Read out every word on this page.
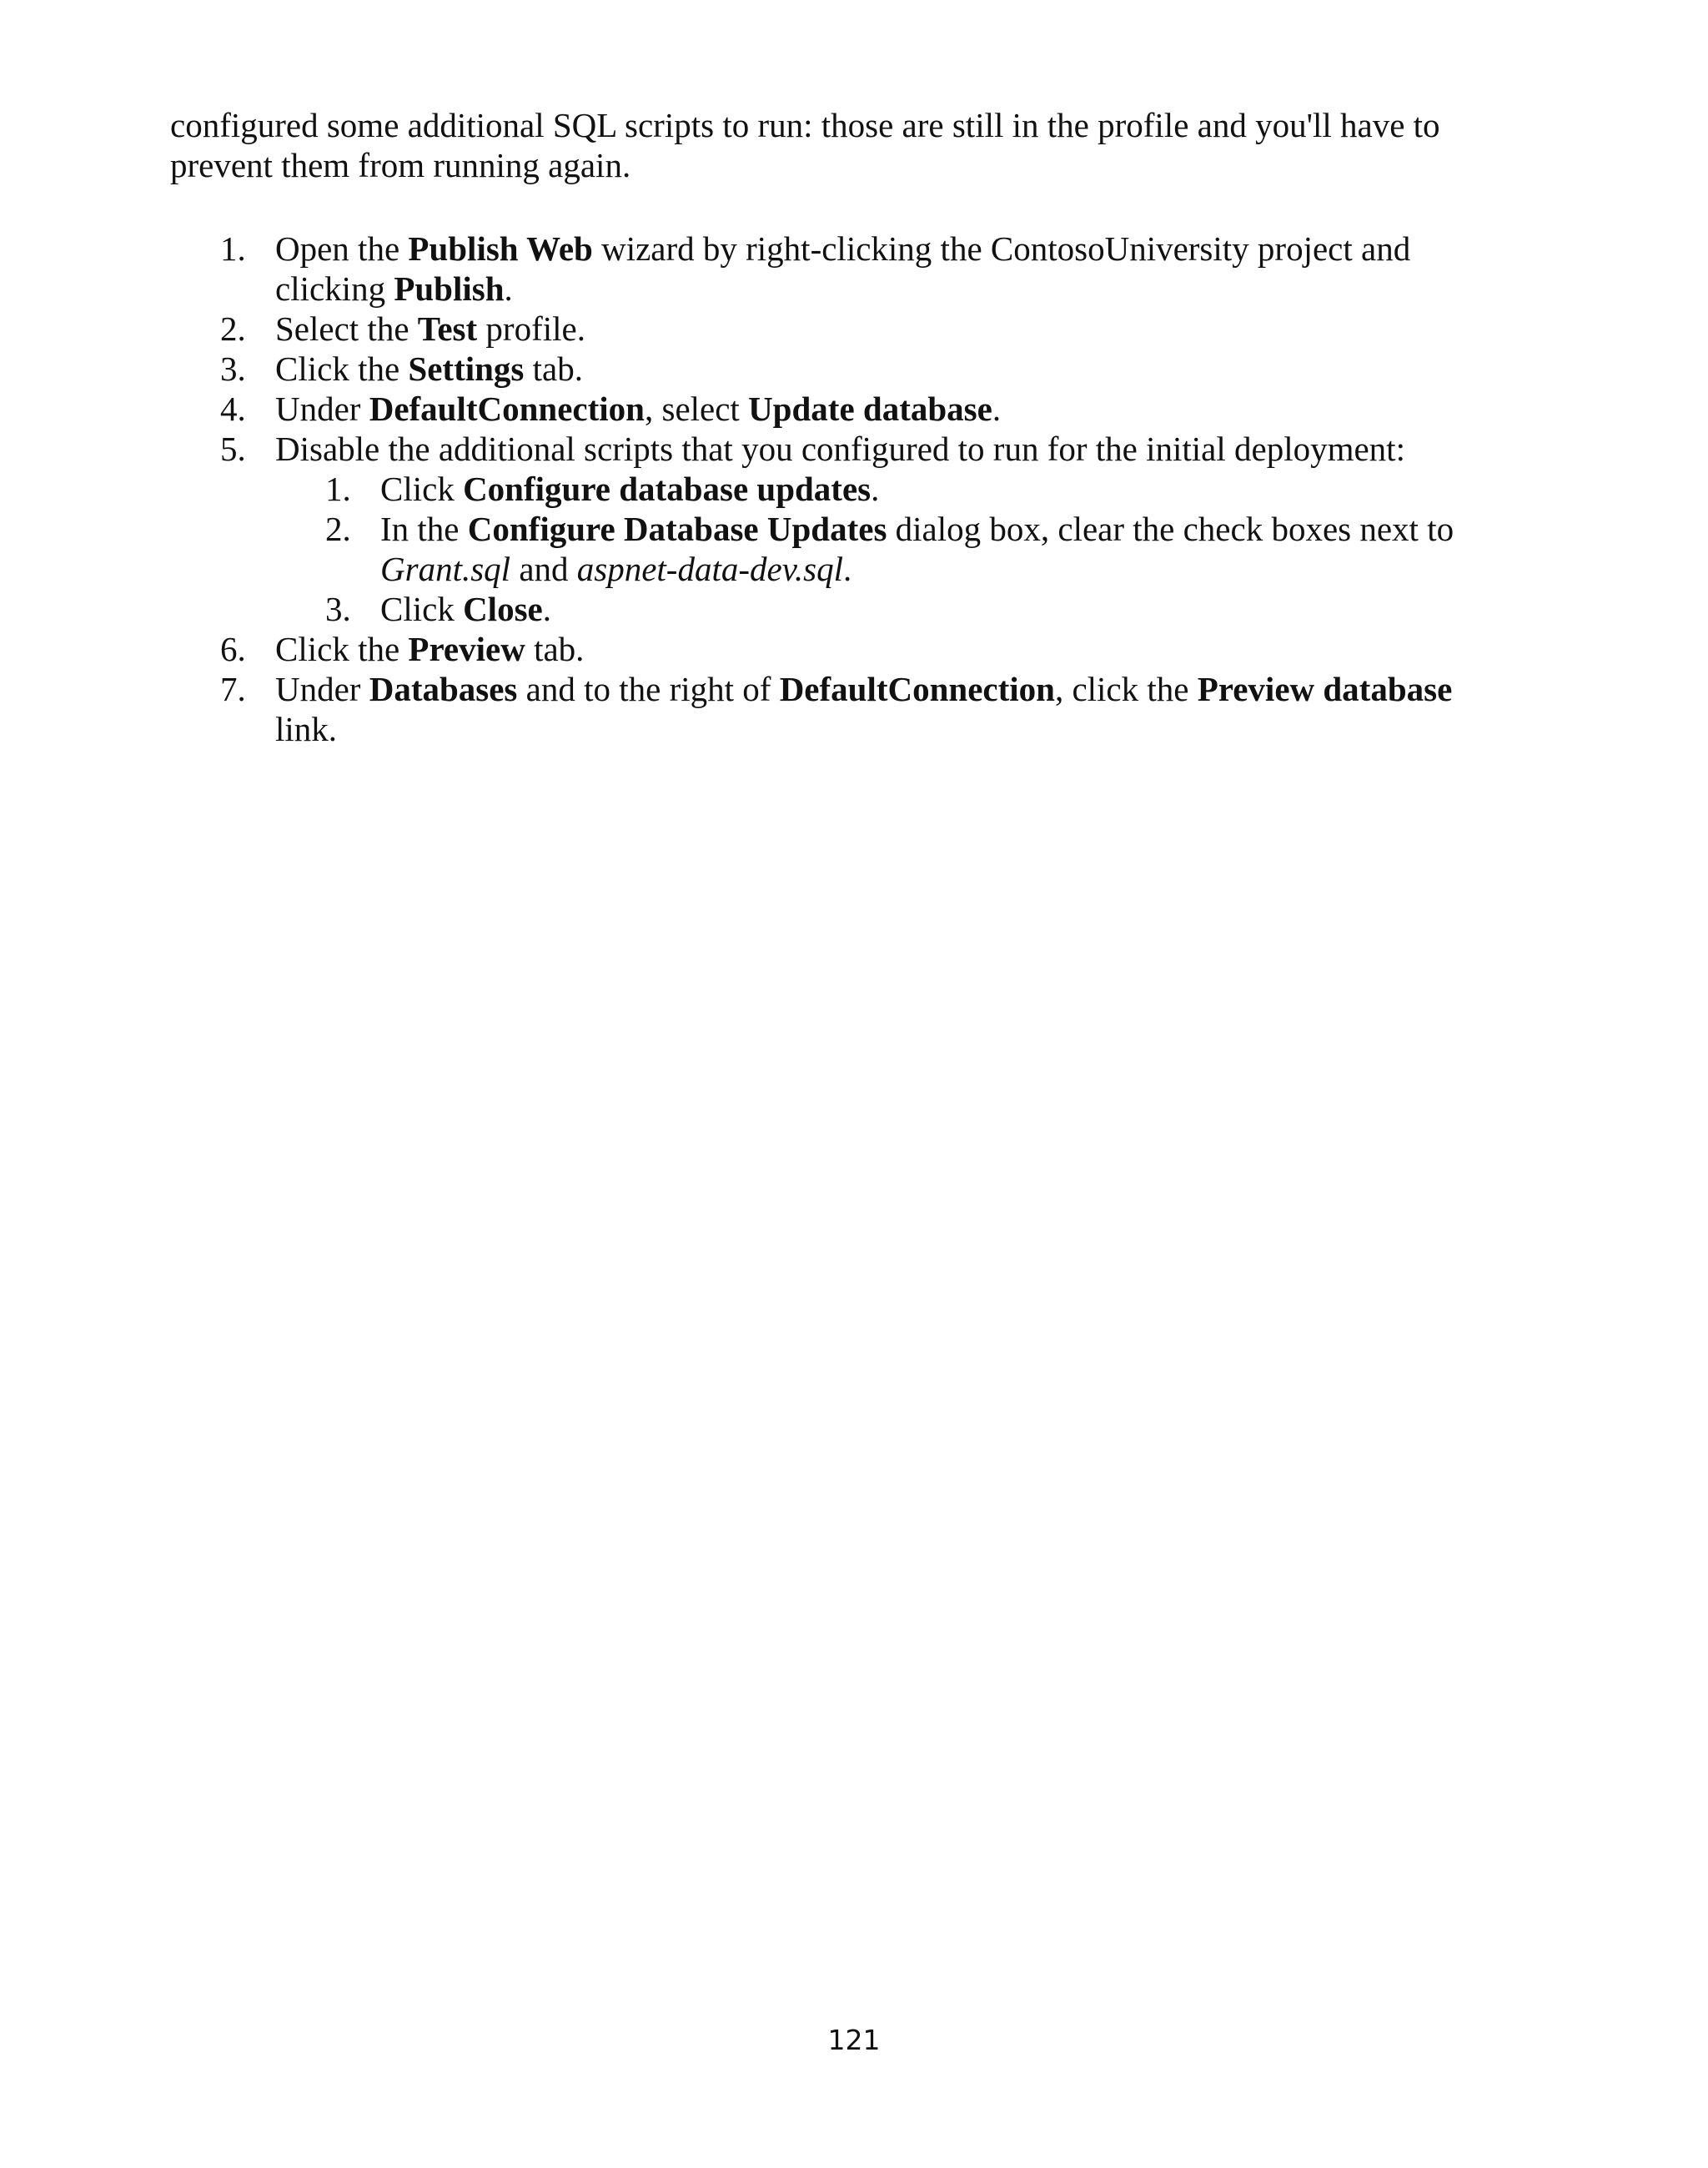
configured some additional SQL scripts to run: those are still in the profile and you'll have to prevent them from running again.

1. Open the Publish Web wizard by right-clicking the ContosoUniversity project and clicking Publish.
2. Select the Test profile.
3. Click the Settings tab.
4. Under DefaultConnection, select Update database.
5. Disable the additional scripts that you configured to run for the initial deployment:
1. Click Configure database updates.
2. In the Configure Database Updates dialog box, clear the check boxes next to Grant.sql and aspnet-data-dev.sql.
3. Click Close.
6. Click the Preview tab.
7. Under Databases and to the right of DefaultConnection, click the Preview database link.
121
